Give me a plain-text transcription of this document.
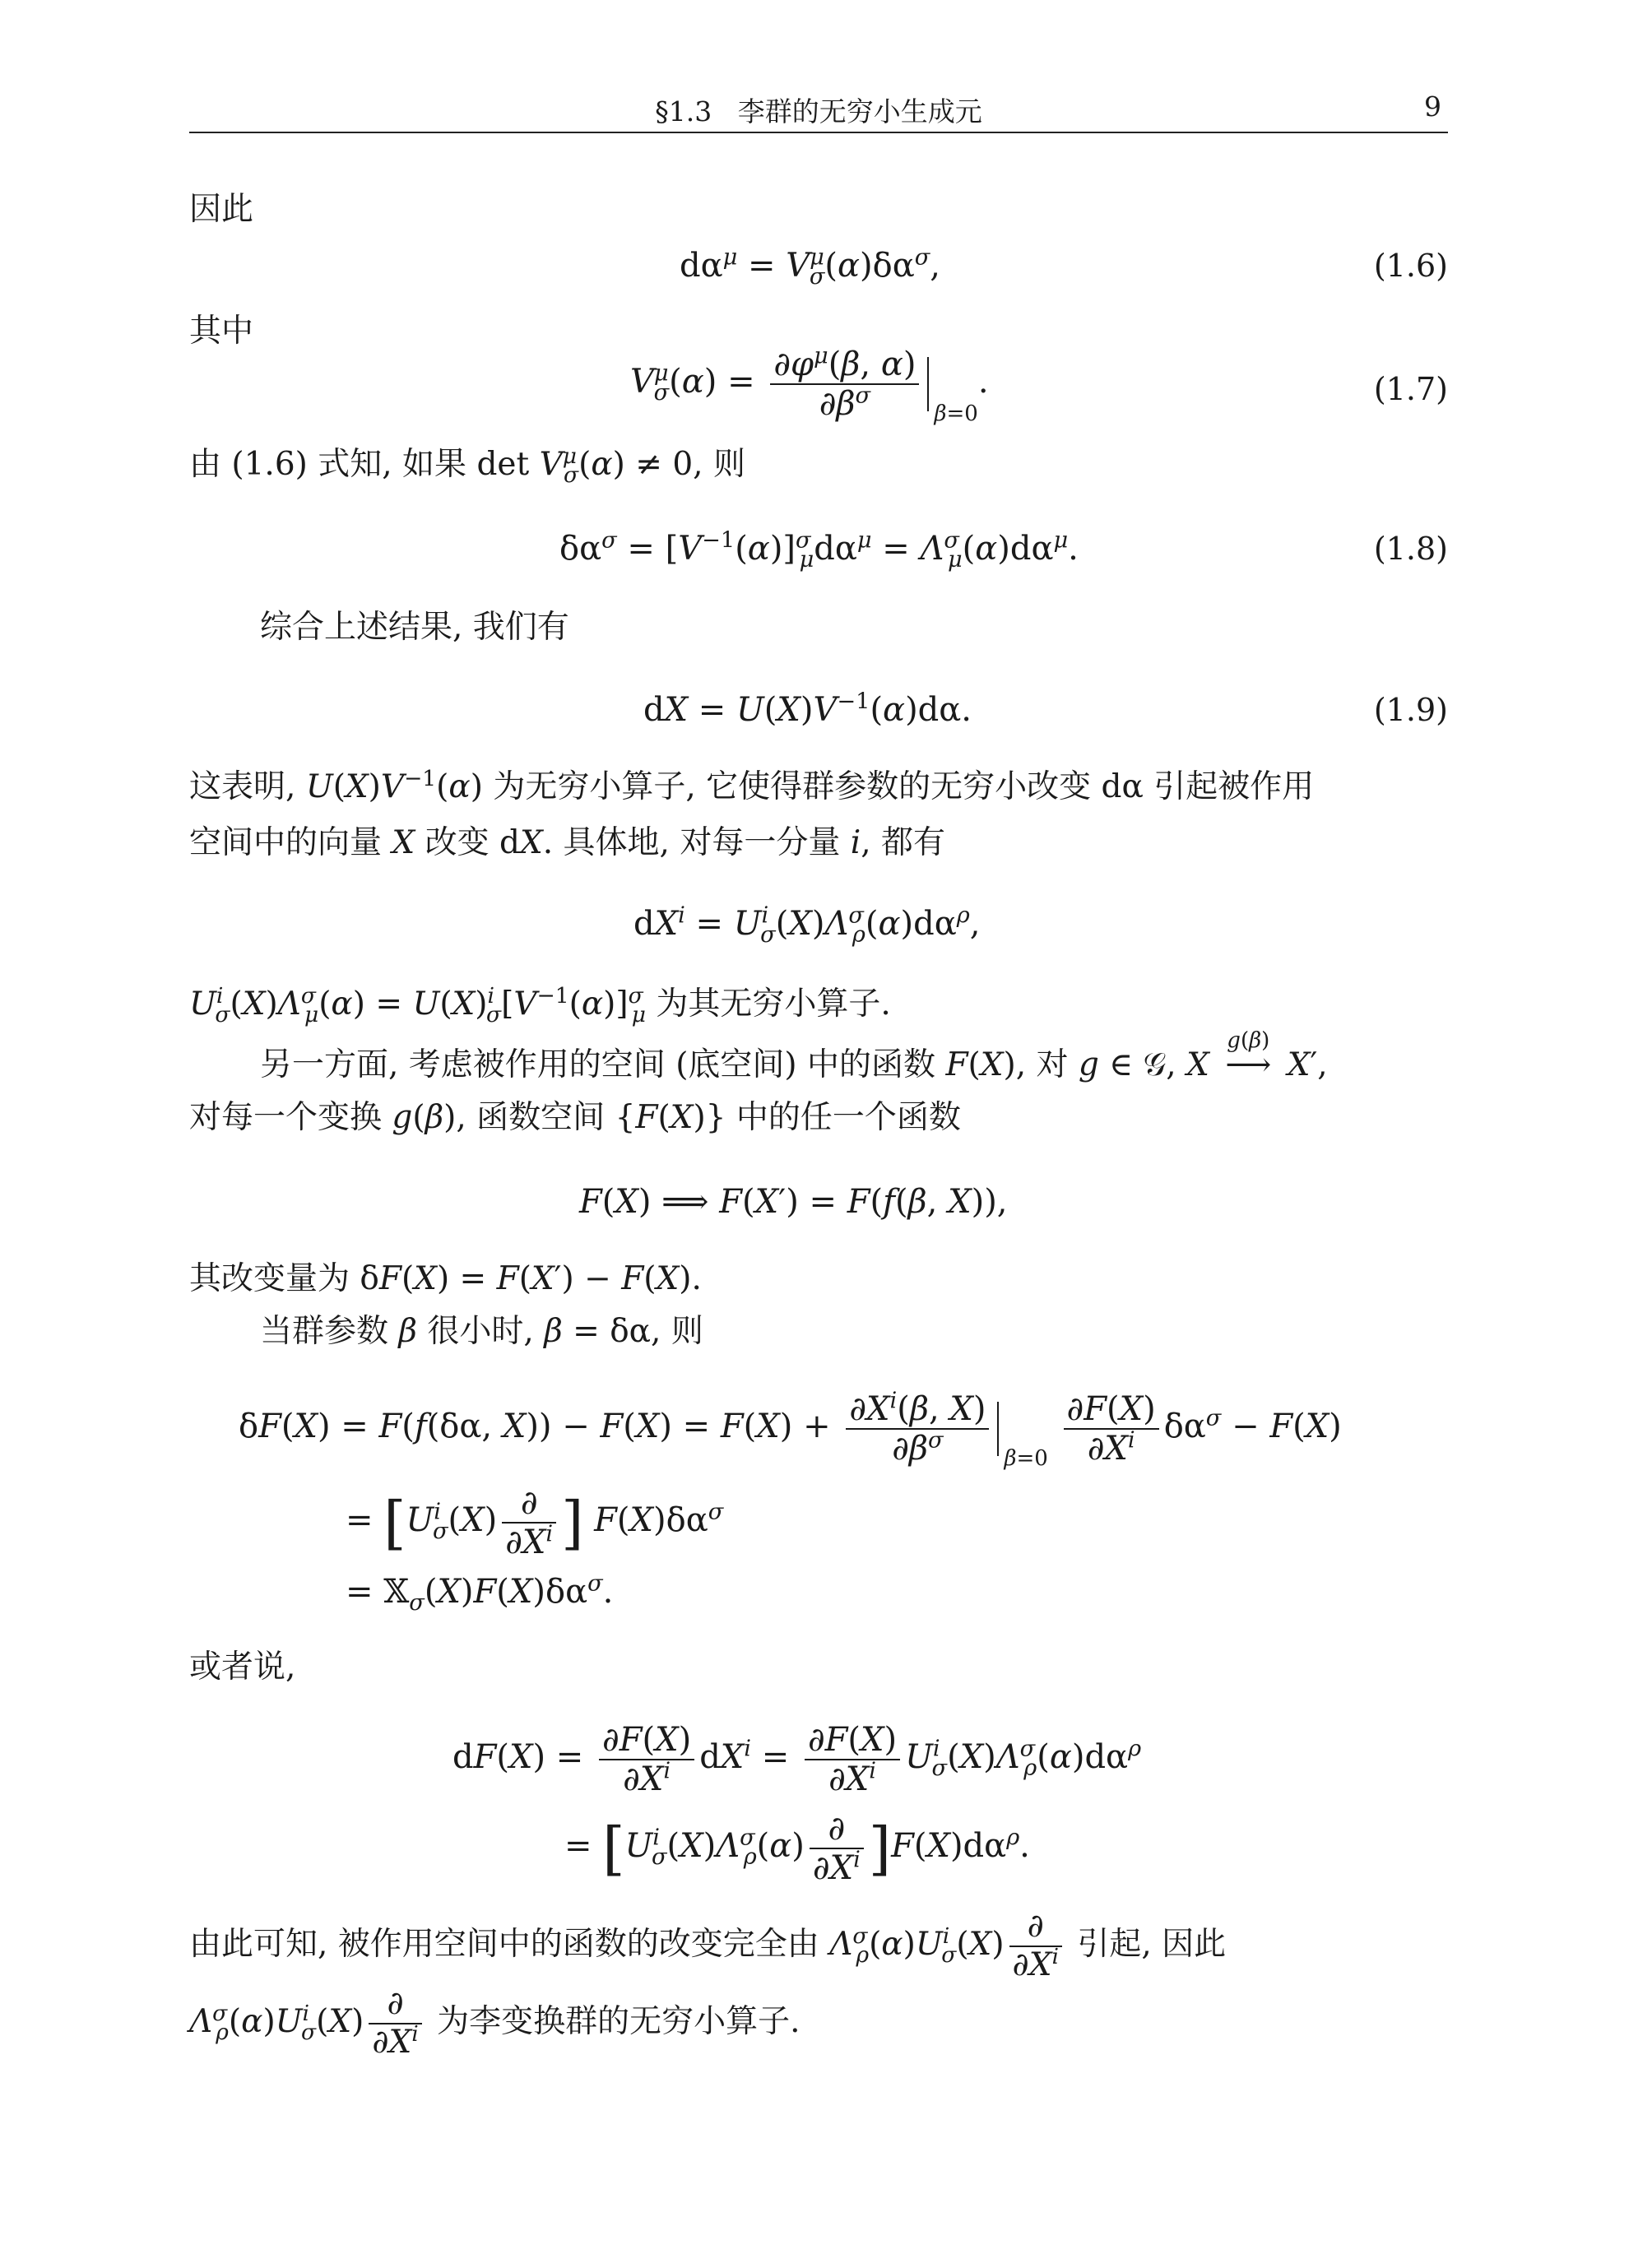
§1.3 李群的无穷小生成元	9
因此
$d\alpha^\mu = V^\mu_\sigma(\alpha)\delta\alpha^\sigma$,	(1.6)
其中
$V^\mu_\sigma(\alpha) = \frac{\partial\varphi^\mu(\beta, \alpha)}{\partial\beta^\sigma} _{\beta=0}$.	(1.7)
由 (1.6) 式知, 如果 $\det V^\mu_\sigma(\alpha) \ne 0$, 则
$\delta\alpha^\sigma = [V^{-1}(\alpha)]^\sigma_\mu d\alpha^\mu = \Lambda^\sigma_\mu(\alpha)d\alpha^\mu$.	(1.8)
综合上述结果, 我们有
dX = $U(X)V^{-1}(\alpha)d\alpha$.	(1.9)
这表明, $U(X)V^{-1}(\alpha)$ 为无穷小算子, 它使得群参数的无穷小改变 dα 引起被作用
空间中的向量 X 改变 dX. 具体地, 对每一分量 i, 都有
$dX^i = U^i_\sigma(X)\Lambda^\sigma_\rho(\alpha)d\alpha^\rho$,
$U^i_\sigma(X)\Lambda^\sigma_\mu(\alpha) = U(X)^i_\sigma[V^{-1}(\alpha)]^\sigma_\mu$ 为其无穷小算子.
另一方面, 考虑被作用的空间 (底空间) 中的函数 F(X), 对 g ∈ 𝒢, X
g(β)
⟶ X′,
对每一个变换 g(β), 函数空间 {F(X)} 中的任一个函数
F(X) ⟹ F(X′) = F(f(β, X)),
其改变量为 δF(X) = F(X′) − F(X).
当群参数 β 很小时, β = δα, 则
δF(X) = F(f(δα, $X)) - F(X) = F(X) + \frac{\partial X^i(\beta, X)}{\partial\beta^\sigma} _{\beta=0} \frac{\partial F(X)}{\partial X^i} \delta\alpha^\sigma - F(X)$
= [$U^i_\sigma(X) \frac{\partial}{\partial X^i}$ ] $F(X)\delta\alpha^\sigma$
= $𝕏_\sigma(X)F(X)\delta\alpha^\sigma$.
或者说,
$dF(X) = \frac{\partial F(X)}{\partial X^i} dX^i = \frac{\partial F(X)}{\partial X^i} U^i_\sigma(X)\Lambda^\sigma_\rho(\alpha)d\alpha^\rho$
= $[U^i_\sigma(X)\Lambda^\sigma_\rho(\alpha) \frac{\partial}{\partial X^i} ]F(X)d\alpha^\rho$.
由此可知, 被作用空间中的函数的改变完全由 $\Lambda^\sigma_\rho(\alpha)U^i_\sigma(X) \frac{\partial}{\partial X^i}$ 引起, 因此
$\Lambda^\sigma_\rho(\alpha)U^i_\sigma(X) \frac{\partial}{\partial X^i}$ 为李变换群的无穷小算子.
